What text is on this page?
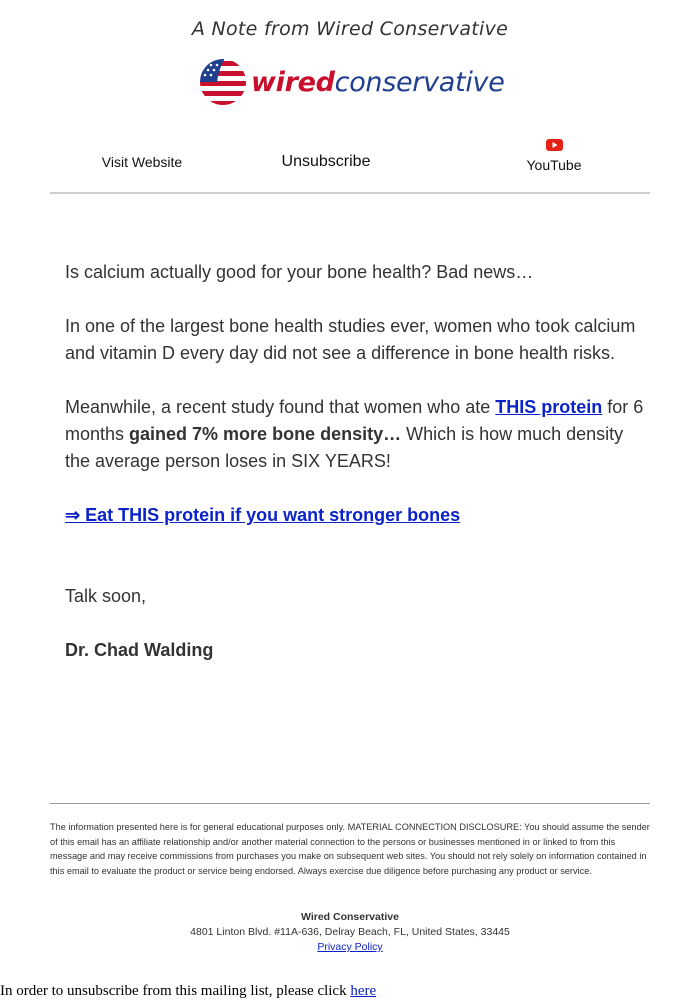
A Note from Wired Conservative
wiredconservative
Visit Website	Unsubscribe	YouTube

Is calcium actually good for your bone health? Bad news…

In one of the largest bone health studies ever, women who took calcium and vitamin D every day did not see a difference in bone health risks.

Meanwhile, a recent study found that women who ate THIS protein for 6 months gained 7% more bone density… Which is how much density the average person loses in SIX YEARS!

⇒ Eat THIS protein if you want stronger bones

Talk soon,

Dr. Chad Walding

The information presented here is for general educational purposes only. MATERIAL CONNECTION DISCLOSURE: You should assume the sender of this email has an affiliate relationship and/or another material connection to the persons or businesses mentioned in or linked to from this message and may receive commissions from purchases you make on subsequent web sites. You should not rely solely on information contained in this email to evaluate the product or service being endorsed. Always exercise due diligence before purchasing any product or service.
Wired Conservative
4801 Linton Blvd. #11A-636, Delray Beach, FL, United States, 33445
Privacy Policy
In order to unsubscribe from this mailing list, please click here
